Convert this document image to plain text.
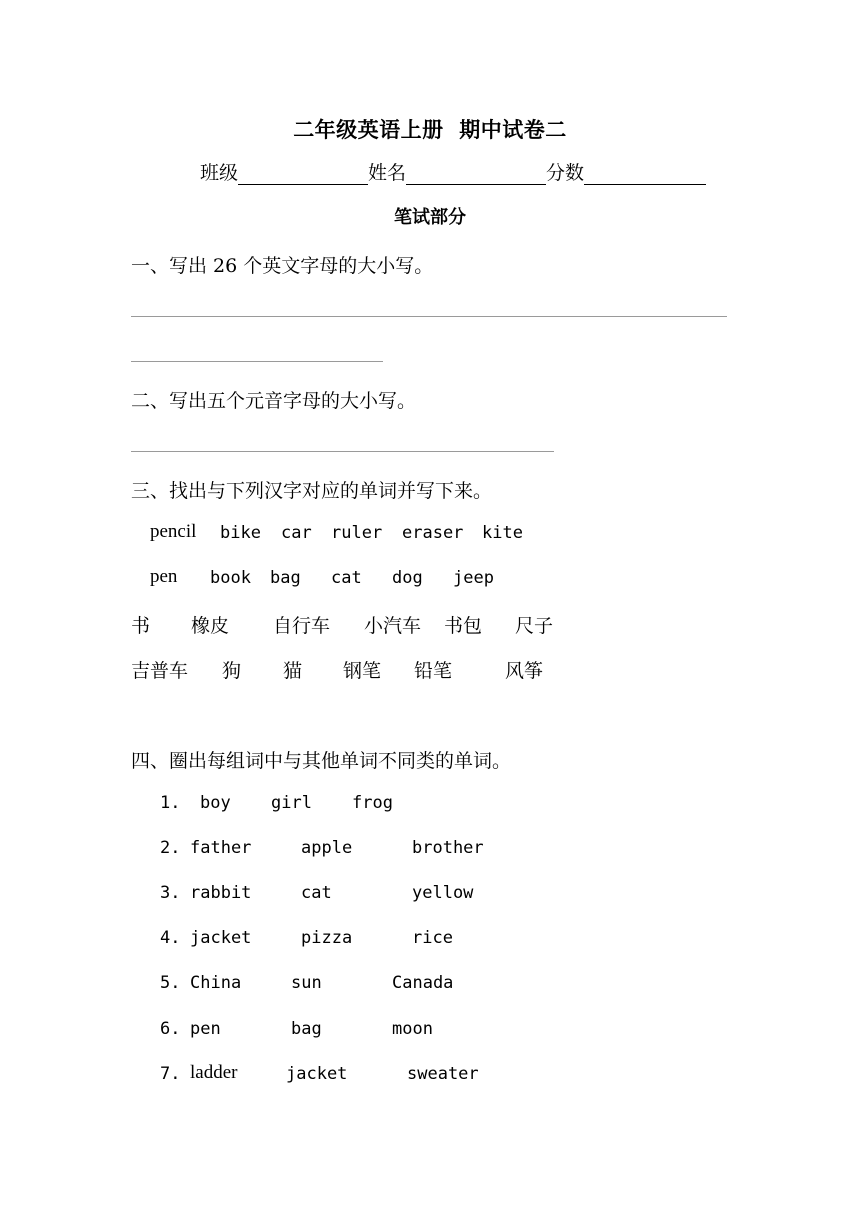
二年级英语上册  期中试卷二
班级	姓名	分数
笔试部分
一、写出 26 个英文字母的大小写。
二、写出五个元音字母的大小写。
三、找出与下列汉字对应的单词并写下来。
pencil bike car ruler eraser kite
pen book bag cat dog jeep
书 橡皮 自行车 小汽车 书包 尺子
吉普车 狗 猫 钢笔 铅笔	风筝
四、圈出每组词中与其他单词不同类的单词。
1. boy girl frog
2. father	apple	brother
3. rabbit	cat	yellow
4. jacket	pizza	rice
5. China	sun	Canada
6. pen	bag	moon
7. ladder	jacket	sweater
